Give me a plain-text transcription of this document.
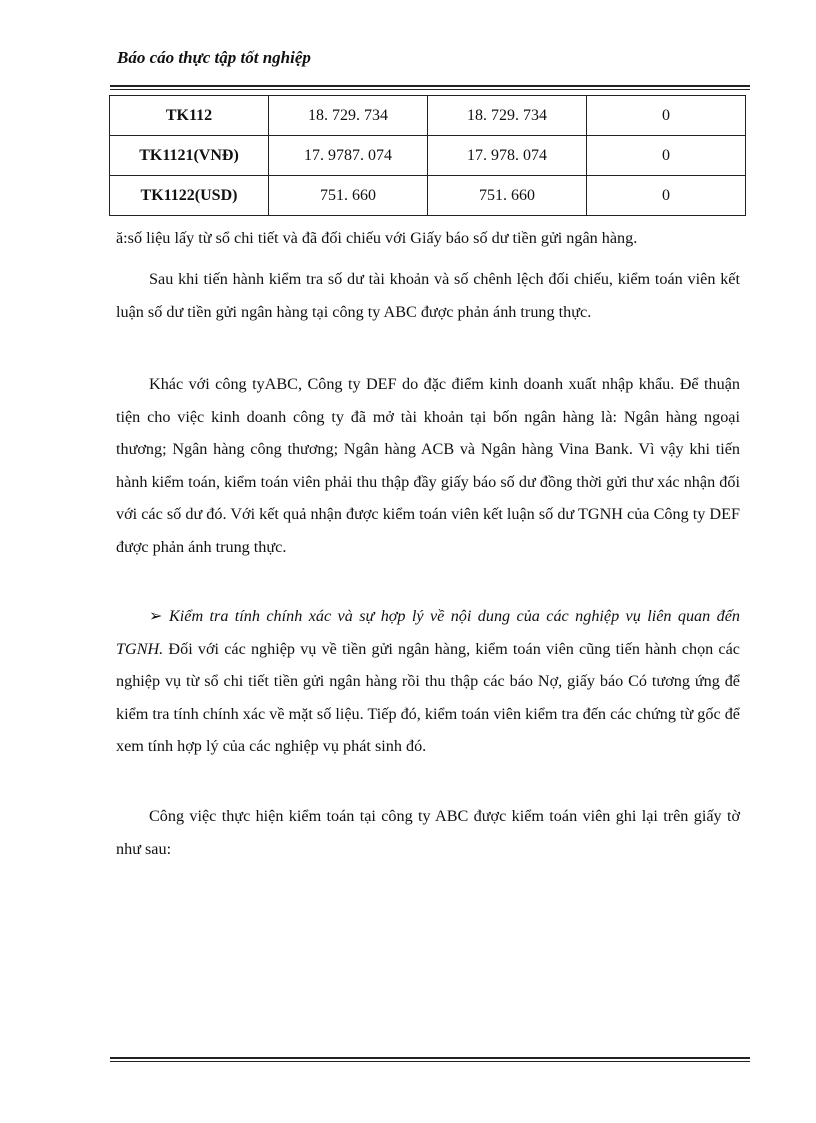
Báo cáo thực tập tốt nghiệp
TK112	18. 729. 734	18. 729. 734	0
TK1121(VNĐ)	17. 9787. 074	17. 978. 074	0
TK1122(USD)	751. 660	751. 660	0
ă:số liệu lấy từ sổ chi tiết và đã đối chiếu với Giấy báo số dư tiền gửi ngân hàng.
Sau khi tiến hành kiểm tra số dư tài khoản và số chênh lệch đối chiếu, kiểm toán viên kết luận số dư tiền gửi ngân hàng tại công ty ABC được phản ánh trung thực.
Khác với công tyABC, Công ty DEF do đặc điểm kinh doanh xuất nhập khẩu. Để thuận tiện cho việc kinh doanh công ty đã mở tài khoản tại bốn ngân hàng là: Ngân hàng ngoại thương; Ngân hàng công thương; Ngân hàng ACB và Ngân hàng Vina Bank. Vì vậy khi tiến hành kiểm toán, kiểm toán viên phải thu thập đầy giấy báo số dư đồng thời gửi thư xác nhận đối với các số dư đó. Với kết quả nhận được kiểm toán viên kết luận số dư TGNH của Công ty DEF được phản ánh trung thực.
➢ Kiểm tra tính chính xác và sự hợp lý về nội dung của các nghiệp vụ liên quan đến TGNH. Đối với các nghiệp vụ về tiền gửi ngân hàng, kiểm toán viên cũng tiến hành chọn các nghiệp vụ từ sổ chi tiết tiền gửi ngân hàng rồi thu thập các báo Nợ, giấy báo Có tương ứng để kiểm tra tính chính xác về mặt số liệu. Tiếp đó, kiểm toán viên kiểm tra đến các chứng từ gốc để xem tính hợp lý của các nghiệp vụ phát sinh đó.
Công việc thực hiện kiểm toán tại công ty ABC được kiểm toán viên ghi lại trên giấy tờ như sau:
